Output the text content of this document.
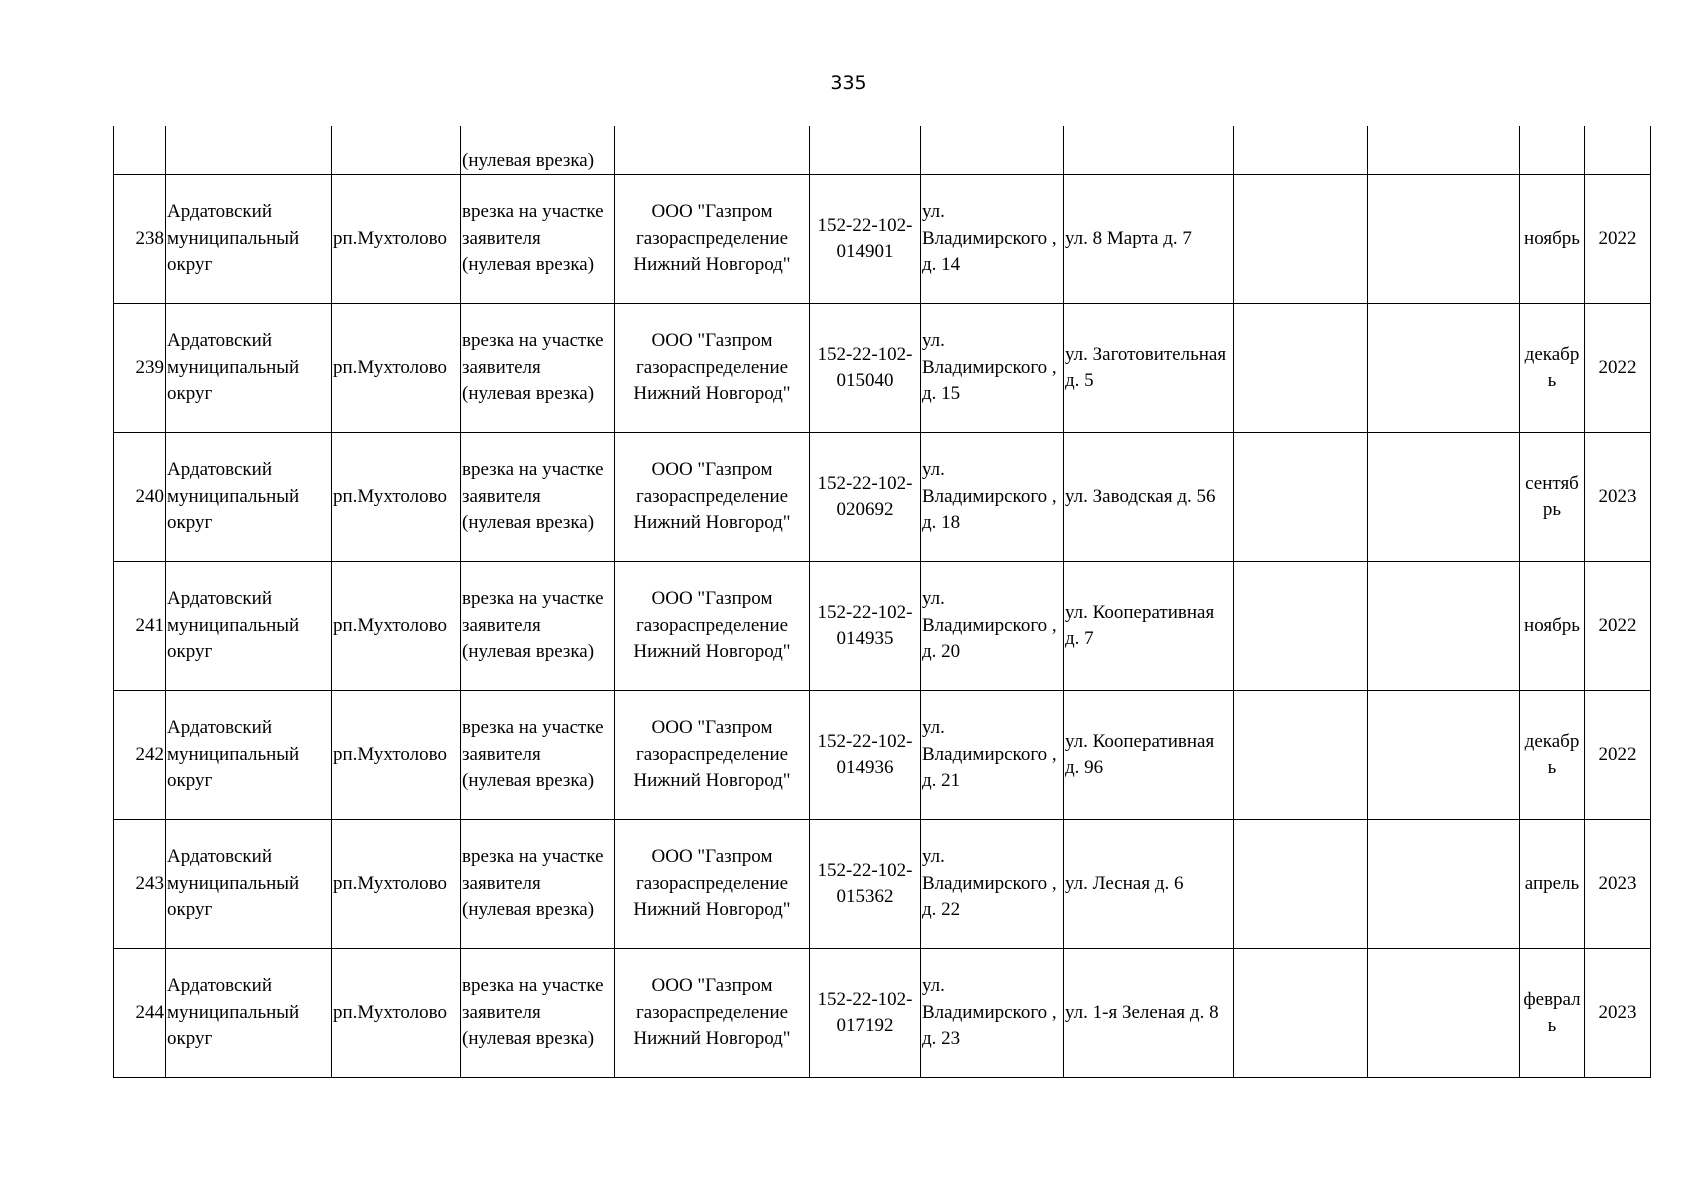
335
			(нулевая врезка)								
238	Ардатовский муниципальный округ	рп.Мухтолово	врезка на участке заявителя (нулевая врезка)	ООО "Газпром газораспределение Нижний Новгород"	152-22-102-014901	ул. Владимирского , д. 14	ул. 8 Марта д. 7			ноябрь	2022
239	Ардатовский муниципальный округ	рп.Мухтолово	врезка на участке заявителя (нулевая врезка)	ООО "Газпром газораспределение Нижний Новгород"	152-22-102-015040	ул. Владимирского , д. 15	ул. Заготовительная д. 5			декабрь	2022
240	Ардатовский муниципальный округ	рп.Мухтолово	врезка на участке заявителя (нулевая врезка)	ООО "Газпром газораспределение Нижний Новгород"	152-22-102-020692	ул. Владимирского , д. 18	ул. Заводская д. 56			сентябрь	2023
241	Ардатовский муниципальный округ	рп.Мухтолово	врезка на участке заявителя (нулевая врезка)	ООО "Газпром газораспределение Нижний Новгород"	152-22-102-014935	ул. Владимирского , д. 20	ул. Кооперативная д. 7			ноябрь	2022
242	Ардатовский муниципальный округ	рп.Мухтолово	врезка на участке заявителя (нулевая врезка)	ООО "Газпром газораспределение Нижний Новгород"	152-22-102-014936	ул. Владимирского , д. 21	ул. Кооперативная д. 96			декабрь	2022
243	Ардатовский муниципальный округ	рп.Мухтолово	врезка на участке заявителя (нулевая врезка)	ООО "Газпром газораспределение Нижний Новгород"	152-22-102-015362	ул. Владимирского , д. 22	ул. Лесная д. 6			апрель	2023
244	Ардатовский муниципальный округ	рп.Мухтолово	врезка на участке заявителя (нулевая врезка)	ООО "Газпром газораспределение Нижний Новгород"	152-22-102-017192	ул. Владимирского , д. 23	ул. 1-я Зеленая д. 8			февраль	2023
